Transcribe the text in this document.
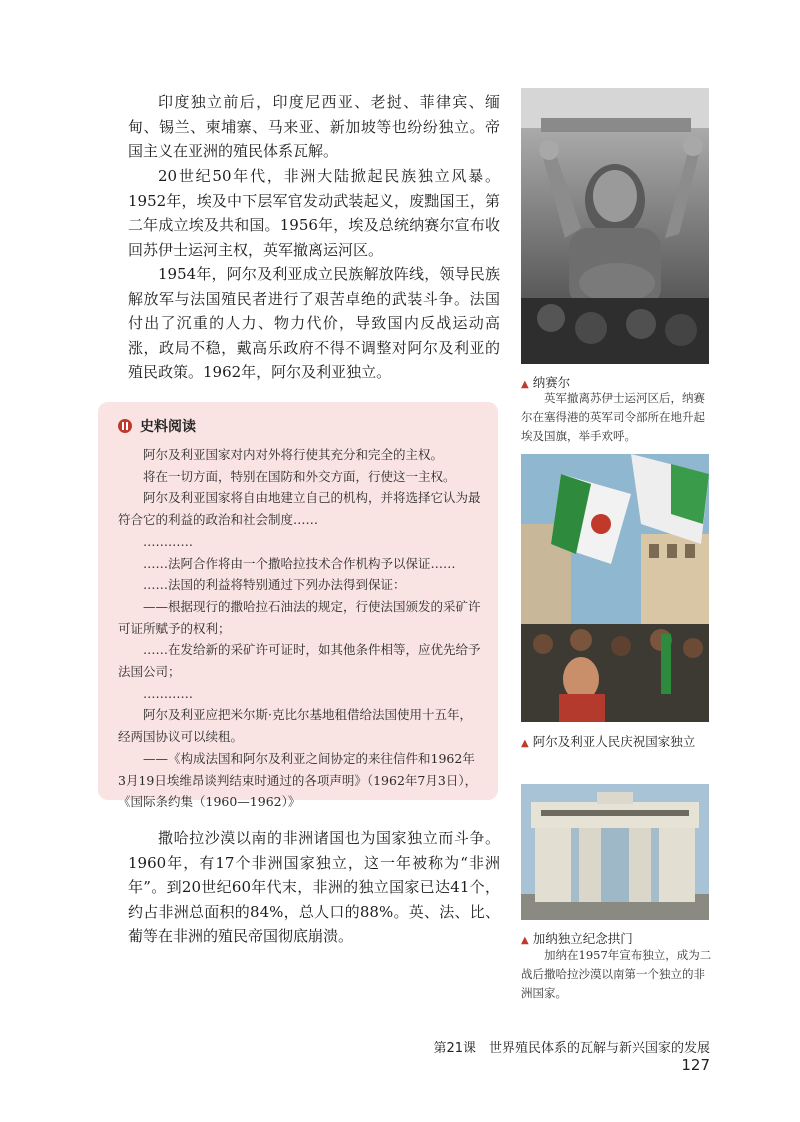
印度独立前后，印度尼西亚、老挝、菲律宾、缅甸、锡兰、柬埔寨、马来亚、新加坡等也纷纷独立。帝国主义在亚洲的殖民体系瓦解。

20世纪50年代，非洲大陆掀起民族独立风暴。1952年，埃及中下层军官发动武装起义，废黜国王，第二年成立埃及共和国。1956年，埃及总统纳赛尔宣布收回苏伊士运河主权，英军撤离运河区。

1954年，阿尔及利亚成立民族解放阵线，领导民族解放军与法国殖民者进行了艰苦卓绝的武装斗争。法国付出了沉重的人力、物力代价，导致国内反战运动高涨，政局不稳，戴高乐政府不得不调整对阿尔及利亚的殖民政策。1962年，阿尔及利亚独立。

史料阅读

阿尔及利亚国家对内对外将行使其充分和完全的主权。

将在一切方面，特别在国防和外交方面，行使这一主权。

阿尔及利亚国家将自由地建立自己的机构，并将选择它认为最符合它的利益的政治和社会制度……

…………

……法阿合作将由一个撒哈拉技术合作机构予以保证……

……法国的利益将特别通过下列办法得到保证：

——根据现行的撒哈拉石油法的规定，行使法国颁发的采矿许可证所赋予的权利；

……在发给新的采矿许可证时，如其他条件相等，应优先给予法国公司；

…………

阿尔及利亚应把米尔斯·克比尔基地租借给法国使用十五年，经两国协议可以续租。

——《构成法国和阿尔及利亚之间协定的来往信件和1962年3月19日埃维昂谈判结束时通过的各项声明》（1962年7月3日），《国际条约集（1960—1962）》

撒哈拉沙漠以南的非洲诸国也为国家独立而斗争。1960年，有17个非洲国家独立，这一年被称为“非洲年”。到20世纪60年代末，非洲的独立国家已达41个，约占非洲总面积的84%，总人口的88%。英、法、比、葡等在非洲的殖民帝国彻底崩溃。

▲ 纳赛尔
英军撤离苏伊士运河区后，纳赛尔在塞得港的英军司令部所在地升起埃及国旗，举手欢呼。
▲ 阿尔及利亚人民庆祝国家独立
▲ 加纳独立纪念拱门
加纳在1957年宣布独立，成为二战后撒哈拉沙漠以南第一个独立的非洲国家。
第21课　世界殖民体系的瓦解与新兴国家的发展127
